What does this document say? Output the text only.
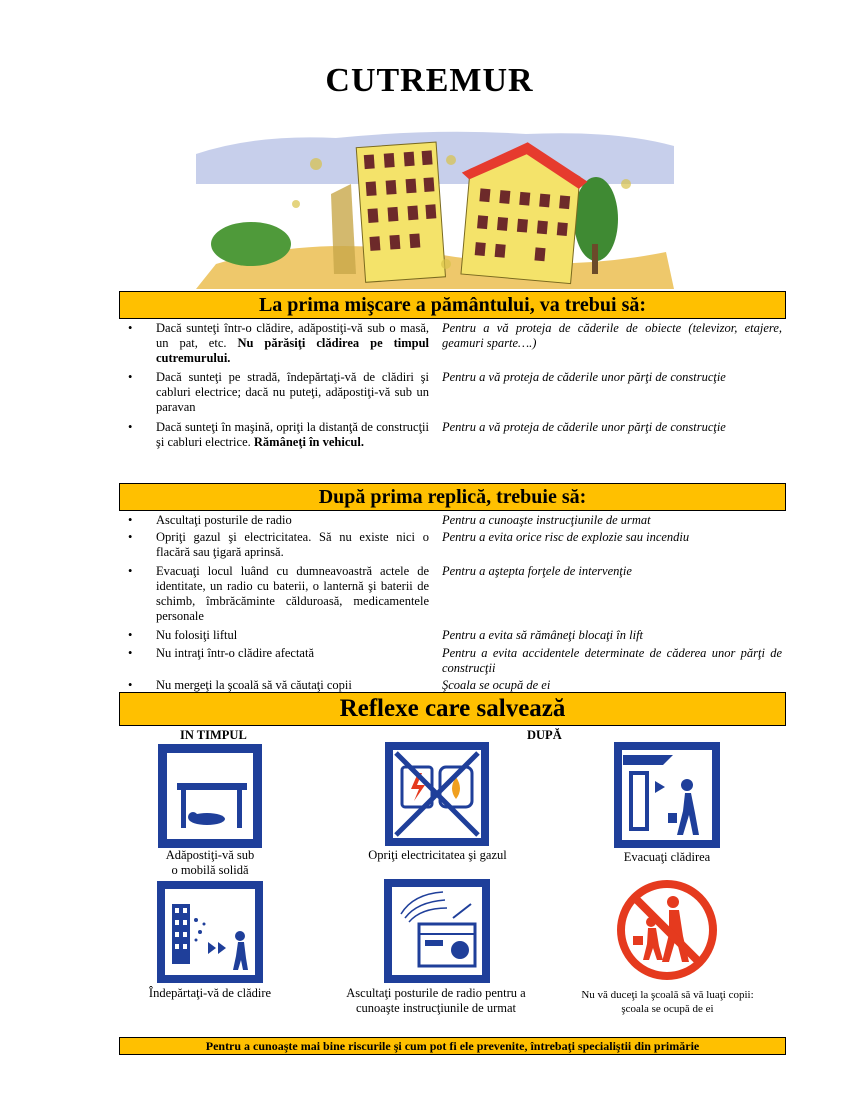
CUTREMUR
La prima mişcare a pământului, va trebui să:
•	Dacă sunteţi într-o clădire, adăpostiţi-vă sub o masă, un pat, etc. Nu părăsiţi clădirea pe timpul cutremurului.
Pentru a vă proteja de căderile de obiecte (televizor, etajere, geamuri sparte….)
•	Dacă sunteţi pe stradă, îndepărtaţi-vă de clădiri şi cabluri electrice; dacă nu puteţi, adăpostiţi-vă sub un paravan
Pentru a vă proteja de căderile unor părţi de construcţie
•	Dacă sunteţi în maşină, opriţi la distanţă de construcţii şi cabluri electrice. Rămâneţi în vehicul.
Pentru a vă proteja de căderile unor părţi de construcţie
După prima replică, trebuie să:
•	Ascultaţi posturile de radio	Pentru a cunoaşte instrucţiunile de urmat
•	Opriţi gazul şi electricitatea. Să nu existe nici o flacără sau ţigară aprinsă.
Pentru a evita orice risc de explozie sau incendiu
•	Evacuaţi locul luând cu dumneavoastră actele de identitate, un radio cu baterii, o lanternă şi baterii de schimb, îmbrăcăminte călduroasă, medicamentele personale
Pentru a aştepta forţele de intervenţie
•	Nu folosiţi liftul	Pentru a evita să rămâneţi blocaţi în lift
•	Nu intraţi într-o clădire afectată	Pentru a evita accidentele determinate de căderea unor părţi de construcţii
•	Nu mergeţi la şcoală să vă căutaţi copii	Şcoala se ocupă de ei
Reflexe care salvează
IN TIMPUL	DUPĂ
Adăpostiţi-vă sub
o mobilă solidă
Opriţi electricitatea şi gazul	Evacuaţi clădirea
Îndepărtaţi-vă de clădire	Ascultaţi posturile de radio pentru a
cunoaşte instrucţiunile de urmat
Nu vă duceţi la şcoală să vă luaţi copii:
şcoala se ocupă de ei
Pentru a cunoaşte mai bine riscurile şi cum pot fi ele prevenite, întrebaţi specialiştii din primărie
